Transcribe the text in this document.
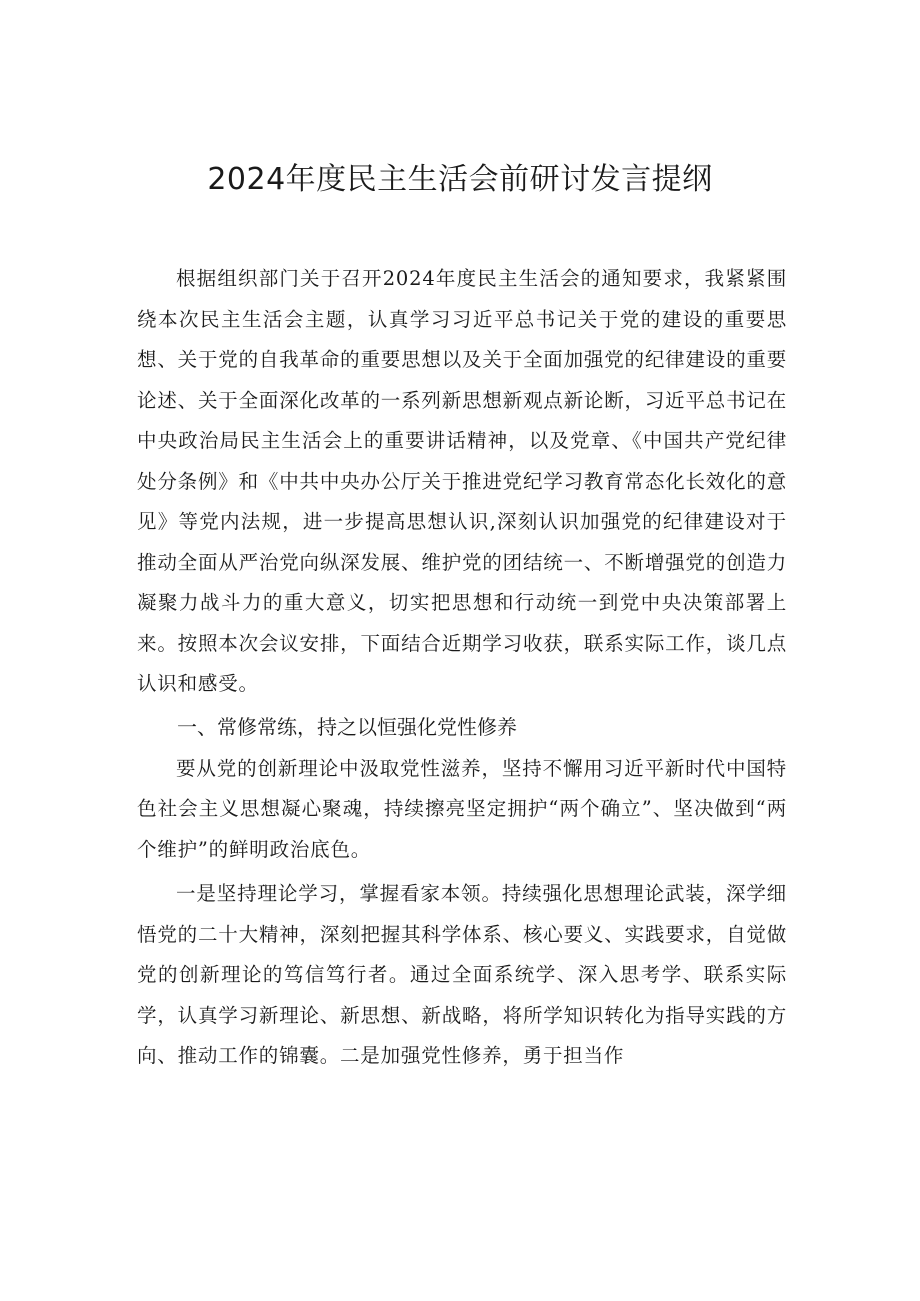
2024年度民主生活会前研讨发言提纲

根据组织部门关于召开2024年度民主生活会的通知要求，我紧紧围绕本次民主生活会主题，认真学习习近平总书记关于党的建设的重要思想、关于党的自我革命的重要思想以及关于全面加强党的纪律建设的重要论述、关于全面深化改革的一系列新思想新观点新论断，习近平总书记在中央政治局民主生活会上的重要讲话精神，以及党章、《中国共产党纪律处分条例》和《中共中央办公厅关于推进党纪学习教育常态化长效化的意见》等党内法规，进一步提高思想认识,深刻认识加强党的纪律建设对于推动全面从严治党向纵深发展、维护党的团结统一、不断增强党的创造力凝聚力战斗力的重大意义，切实把思想和行动统一到党中央决策部署上来。按照本次会议安排，下面结合近期学习收获，联系实际工作，谈几点认识和感受。

一、常修常练，持之以恒强化党性修养

要从党的创新理论中汲取党性滋养，坚持不懈用习近平新时代中国特色社会主义思想凝心聚魂，持续擦亮坚定拥护“两个确立”、坚决做到“两个维护”的鲜明政治底色。

一是坚持理论学习，掌握看家本领。持续强化思想理论武装，深学细悟党的二十大精神，深刻把握其科学体系、核心要义、实践要求，自觉做党的创新理论的笃信笃行者。通过全面系统学、深入思考学、联系实际学，认真学习新理论、新思想、新战略，将所学知识转化为指导实践的方向、推动工作的锦囊。二是加强党性修养，勇于担当作
